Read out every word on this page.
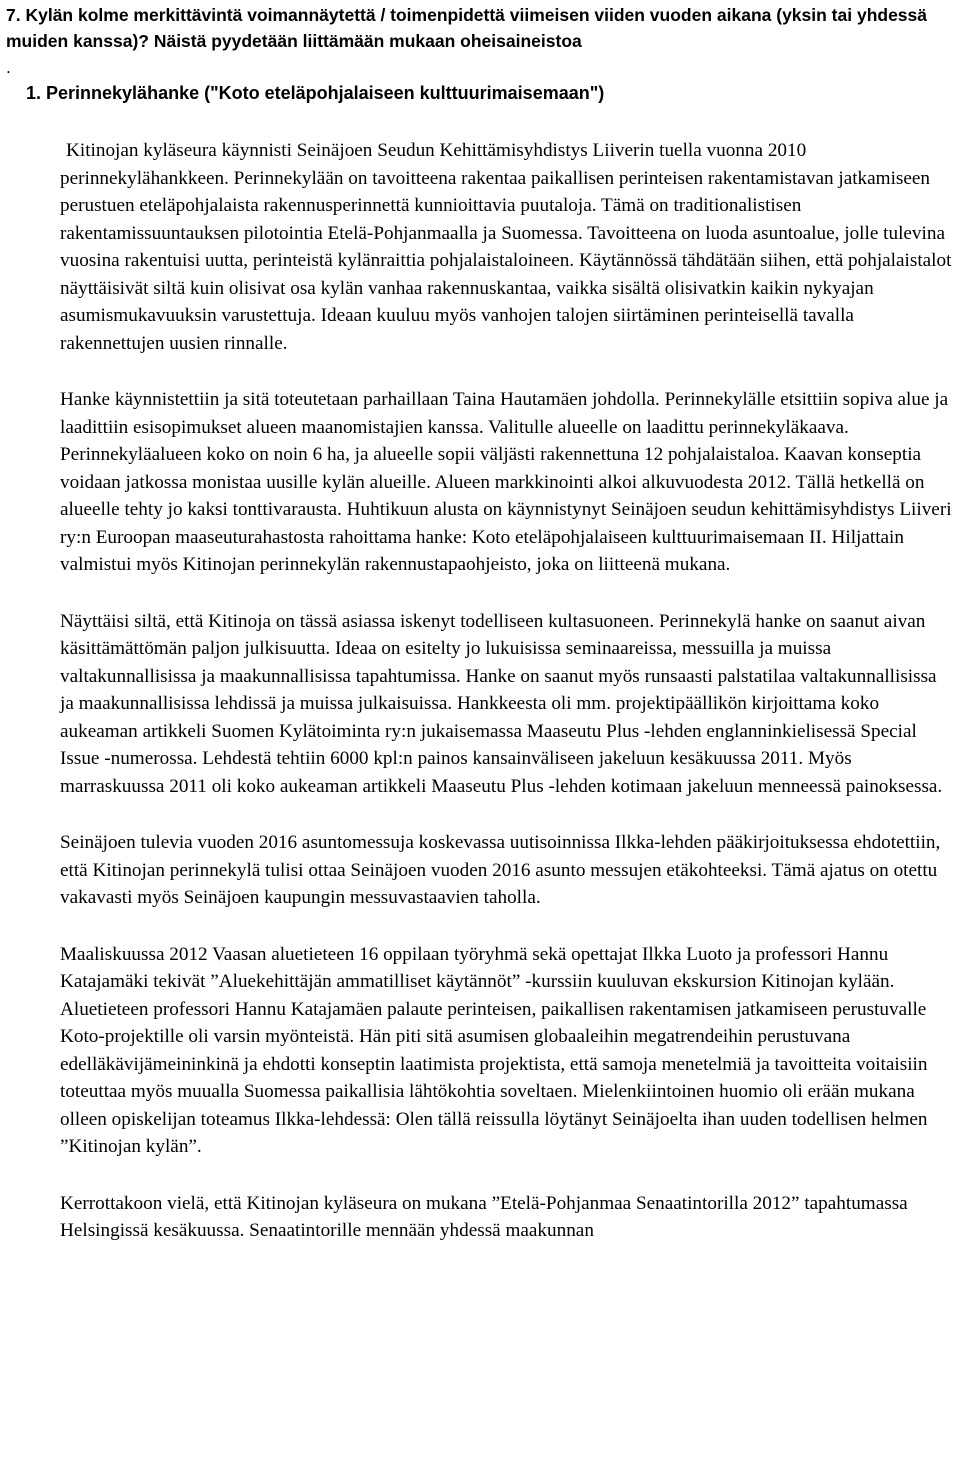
7. Kylän kolme merkittävintä voimannäytettä / toimenpidettä viimeisen viiden vuoden aikana (yksin tai yhdessä muiden kanssa)? Näistä pyydetään liittämään mukaan oheisaineistoa
.
1. Perinnekylähanke ("Koto eteläpohjalaiseen kulttuurimaisemaan")

Kitinojan kyläseura käynnisti Seinäjoen Seudun Kehittämisyhdistys Liiverin tuella vuonna 2010 perinnekylähankkeen. Perinnekylään on tavoitteena rakentaa paikallisen perinteisen rakentamistavan jatkamiseen perustuen eteläpohjalaista rakennusperinnettä kunnioittavia puutaloja. Tämä on traditionalistisen rakentamissuuntauksen pilotointia Etelä-Pohjanmaalla ja Suomessa. Tavoitteena on luoda asuntoalue, jolle tulevina vuosina rakentuisi uutta, perinteistä kylänraittia pohjalaistaloineen. Käytännössä tähdätään siihen, että pohjalaistalot näyttäisivät siltä kuin olisivat osa kylän vanhaa rakennuskantaa, vaikka sisältä olisivatkin kaikin nykyajan asumismukavuuksin varustettuja. Ideaan kuuluu myös vanhojen talojen siirtäminen perinteisellä tavalla rakennettujen uusien rinnalle.

Hanke käynnistettiin ja sitä toteutetaan parhaillaan Taina Hautamäen johdolla. Perinnekylälle etsittiin sopiva alue ja laadittiin esisopimukset alueen maanomistajien kanssa. Valitulle alueelle on laadittu perinnekyläkaava. Perinnekyläalueen koko on noin 6 ha, ja alueelle sopii väljästi rakennettuna 12 pohjalaistaloa. Kaavan konseptia voidaan jatkossa monistaa uusille kylän alueille. Alueen markkinointi alkoi alkuvuodesta 2012. Tällä hetkellä on alueelle tehty jo kaksi tonttivarausta. Huhtikuun alusta on käynnistynyt Seinäjoen seudun kehittämisyhdistys Liiveri ry:n Euroopan maaseuturahastosta rahoittama hanke: Koto eteläpohjalaiseen kulttuurimaisemaan II. Hiljattain valmistui myös Kitinojan perinnekylän rakennustapaohjeisto, joka on liitteenä mukana.

Näyttäisi siltä, että Kitinoja on tässä asiassa iskenyt todelliseen kultasuoneen. Perinnekylä hanke on saanut aivan käsittämättömän paljon julkisuutta. Ideaa on esitelty jo lukuisissa seminaareissa, messuilla ja muissa valtakunnallisissa ja maakunnallisissa tapahtumissa. Hanke on saanut myös runsaasti palstatilaa valtakunnallisissa ja maakunnallisissa lehdissä ja muissa julkaisuissa. Hankkeesta oli mm. projektipäällikön kirjoittama koko aukeaman artikkeli Suomen Kylätoiminta ry:n jukaisemassa Maaseutu Plus -lehden englanninkielisessä Special Issue -numerossa. Lehdestä tehtiin 6000 kpl:n painos kansainväliseen jakeluun kesäkuussa 2011. Myös marraskuussa 2011 oli koko aukeaman artikkeli Maaseutu Plus -lehden kotimaan jakeluun menneessä painoksessa.

Seinäjoen tulevia vuoden 2016 asuntomessuja koskevassa uutisoinnissa Ilkka-lehden pääkirjoituksessa ehdotettiin, että Kitinojan perinnekylä tulisi ottaa Seinäjoen vuoden 2016 asunto messujen etäkohteeksi. Tämä ajatus on otettu vakavasti myös Seinäjoen kaupungin messuvastaavien taholla.

Maaliskuussa 2012 Vaasan aluetieteen 16 oppilaan työryhmä sekä opettajat Ilkka Luoto ja professori Hannu Katajamäki tekivät ”Aluekehittäjän ammatilliset käytännöt” -kurssiin kuuluvan ekskursion Kitinojan kylään. Aluetieteen professori Hannu Katajamäen palaute perinteisen, paikallisen rakentamisen jatkamiseen perustuvalle Koto-projektille oli varsin myönteistä. Hän piti sitä asumisen globaaleihin megatrendeihin perustuvana edelläkävijämeininkinä ja ehdotti konseptin laatimista projektista, että samoja menetelmiä ja tavoitteita voitaisiin toteuttaa myös muualla Suomessa paikallisia lähtökohtia soveltaen. Mielenkiintoinen huomio oli erään mukana olleen opiskelijan toteamus Ilkka-lehdessä: Olen tällä reissulla löytänyt Seinäjoelta ihan uuden todellisen helmen ”Kitinojan kylän”.

Kerrottakoon vielä, että Kitinojan kyläseura on mukana ”Etelä-Pohjanmaa Senaatintorilla 2012” tapahtumassa Helsingissä kesäkuussa. Senaatintorille mennään yhdessä maakunnan
